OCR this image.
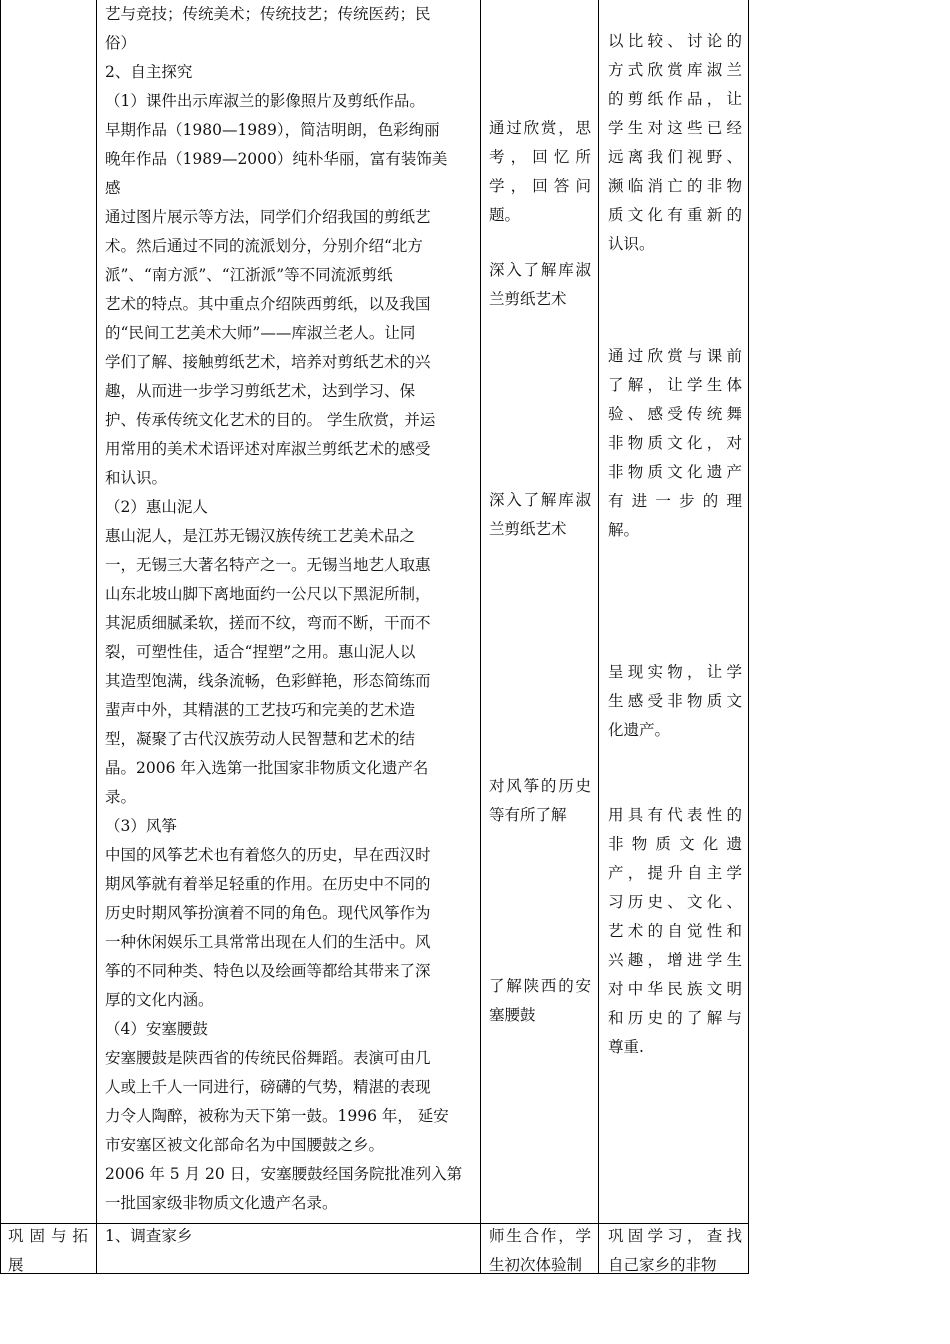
艺与竞技；传统美术；传统技艺；传统医药；民

俗）

2、自主探究

（1）课件出示库淑兰的影像照片及剪纸作品。

早期作品（1980—1989），简洁明朗，色彩绚丽

晚年作品（1989—2000）纯朴华丽，富有装饰美

感

通过图片展示等方法，同学们介绍我国的剪纸艺

术。然后通过不同的流派划分，分别介绍“北方

派”、“南方派”、“江浙派”等不同流派剪纸

艺术的特点。其中重点介绍陕西剪纸，以及我国

的“民间工艺美术大师”——库淑兰老人。让同

学们了解、接触剪纸艺术，培养对剪纸艺术的兴

趣，从而进一步学习剪纸艺术，达到学习、保

护、传承传统文化艺术的目的。 学生欣赏，并运

用常用的美术术语评述对库淑兰剪纸艺术的感受

和认识。

（2）惠山泥人

惠山泥人，是江苏无锡汉族传统工艺美术品之

一，无锡三大著名特产之一。无锡当地艺人取惠

山东北坡山脚下离地面约一公尺以下黑泥所制，

其泥质细腻柔软，搓而不纹，弯而不断，干而不

裂，可塑性佳，适合“捏塑”之用。惠山泥人以

其造型饱满，线条流畅，色彩鲜艳，形态简练而

蜚声中外，其精湛的工艺技巧和完美的艺术造

型，凝聚了古代汉族劳动人民智慧和艺术的结

晶。2006 年入选第一批国家非物质文化遗产名

录。

（3）风筝

中国的风筝艺术也有着悠久的历史，早在西汉时

期风筝就有着举足轻重的作用。在历史中不同的

历史时期风筝扮演着不同的角色。现代风筝作为

一种休闲娱乐工具常常出现在人们的生活中。风

筝的不同种类、特色以及绘画等都给其带来了深

厚的文化内涵。

（4）安塞腰鼓

安塞腰鼓是陕西省的传统民俗舞蹈。表演可由几

人或上千人一同进行，磅礴的气势，精湛的表现

力令人陶醉，被称为天下第一鼓。1996 年， 延安

市安塞区被文化部命名为中国腰鼓之乡。

2006 年 5 月 20 日，安塞腰鼓经国务院批准列入第

一批国家级非物质文化遗产名录。

通过欣赏，思

考，回忆所

学，回答问

题。

深入了解库淑

兰剪纸艺术

深入了解库淑

兰剪纸艺术

对风筝的历史

等有所了解

了解陕西的安

塞腰鼓

以比较、讨论的

方式欣赏库淑兰

的剪纸作品，让

学生对这些已经

远离我们视野、

濒临消亡的非物

质文化有重新的

认识。

通过欣赏与课前

了解，让学生体

验、感受传统舞

非物质文化，对

非物质文化遗产

有进一步的理

解。

呈现实物，让学

生感受非物质文

化遗产。

用具有代表性的

非物质文化遗

产，提升自主学

习历史、文化、

艺术的自觉性和

兴趣，增进学生

对中华民族文明

和历史的了解与

尊重.

巩固与拓

展

1、调查家乡	师生合作，学

生初次体验制

巩固学习，查找

自己家乡的非物
